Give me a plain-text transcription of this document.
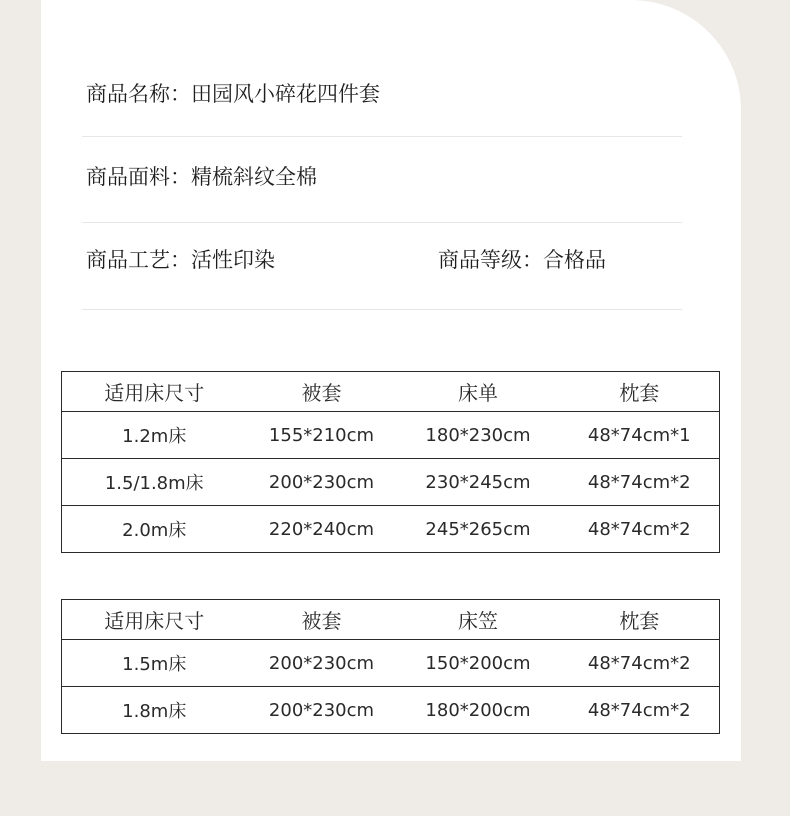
商品名称：田园风小碎花四件套
商品面料：精梳斜纹全棉
商品工艺：活性印染	商品等级：合格品
适用床尺寸	被套	床单	枕套
1.2m床	155*210cm	180*230cm	48*74cm*1
1.5/1.8m床	200*230cm	230*245cm	48*74cm*2
2.0m床	220*240cm	245*265cm	48*74cm*2
适用床尺寸	被套	床笠	枕套
1.5m床	200*230cm	150*200cm	48*74cm*2
1.8m床	200*230cm	180*200cm	48*74cm*2
